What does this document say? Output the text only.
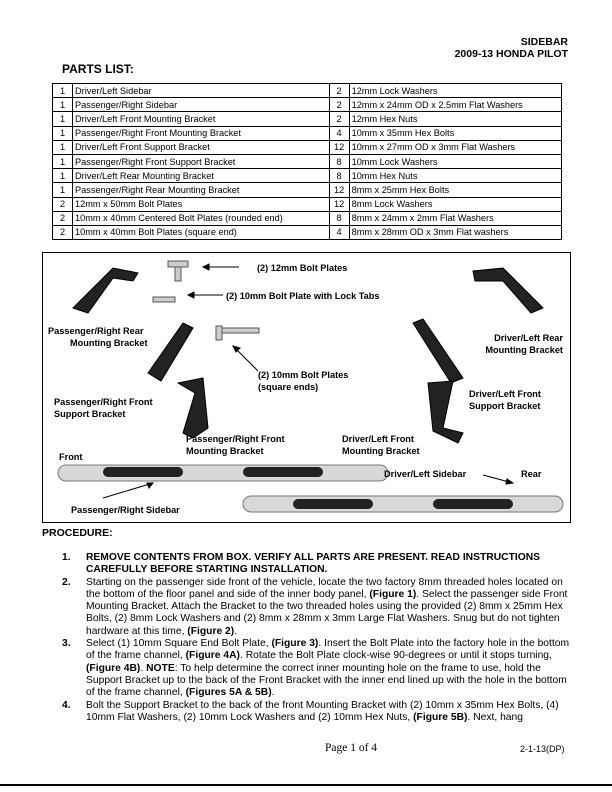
SIDEBAR
2009-13 HONDA PILOT
PARTS LIST:
1	Driver/Left Sidebar	2	12mm Lock Washers
1	Passenger/Right Sidebar	2	12mm x 24mm OD x 2.5mm Flat Washers
1	Driver/Left Front Mounting Bracket	2	12mm Hex Nuts
1	Passenger/Right Front Mounting Bracket	4	10mm x 35mm Hex Bolts
1	Driver/Left Front Support Bracket	12	10mm x 27mm OD x 3mm Flat Washers
1	Passenger/Right Front Support Bracket	8	10mm Lock Washers
1	Driver/Left Rear Mounting Bracket	8	10mm Hex Nuts
1	Passenger/Right Rear Mounting Bracket	12	8mm x 25mm Hex Bolts
2	12mm x 50mm Bolt Plates	12	8mm Lock Washers
2	10mm x 40mm Centered Bolt Plates (rounded end)	8	8mm x 24mm x 2mm Flat Washers
2	10mm x 40mm Bolt Plates (square end)	4	8mm x 28mm OD x 3mm Flat washers
(2) 12mm Bolt Plates
(2) 10mm Bolt Plate with Lock Tabs
Passenger/Right Rear
Mounting Bracket	Driver/Left Rear
Mounting Bracket
(2) 10mm Bolt Plates
(square ends)
Passenger/Right Front
Support Bracket
Driver/Left Front
Support Bracket
Passenger/Right Front
Mounting Bracket
Driver/Left Front
Mounting Bracket
Front
Driver/Left Sidebar	Rear
Passenger/Right Sidebar
PROCEDURE:
1. REMOVE CONTENTS FROM BOX. VERIFY ALL PARTS ARE PRESENT. READ INSTRUCTIONS CAREFULLY BEFORE STARTING INSTALLATION.
2. Starting on the passenger side front of the vehicle, locate the two factory 8mm threaded holes located on the bottom of the floor panel and side of the inner body panel, (Figure 1). Select the passenger side Front Mounting Bracket. Attach the Bracket to the two threaded holes using the provided (2) 8mm x 25mm Hex Bolts, (2) 8mm Lock Washers and (2) 8mm x 28mm x 3mm Large Flat Washers. Snug but do not tighten hardware at this time, (Figure 2).
3. Select (1) 10mm Square End Bolt Plate, (Figure 3). Insert the Bolt Plate into the factory hole in the bottom of the frame channel, (Figure 4A). Rotate the Bolt Plate clock-wise 90-degrees or until it stops turning, (Figure 4B). NOTE: To help determine the correct inner mounting hole on the frame to use, hold the Support Bracket up to the back of the Front Bracket with the inner end lined up with the hole in the bottom of the frame channel, (Figures 5A & 5B).
4. Bolt the Support Bracket to the back of the front Mounting Bracket with (2) 10mm x 35mm Hex Bolts, (4) 10mm Flat Washers, (2) 10mm Lock Washers and (2) 10mm Hex Nuts, (Figure 5B). Next, hang
Page 1 of 4	2-1-13(DP)
